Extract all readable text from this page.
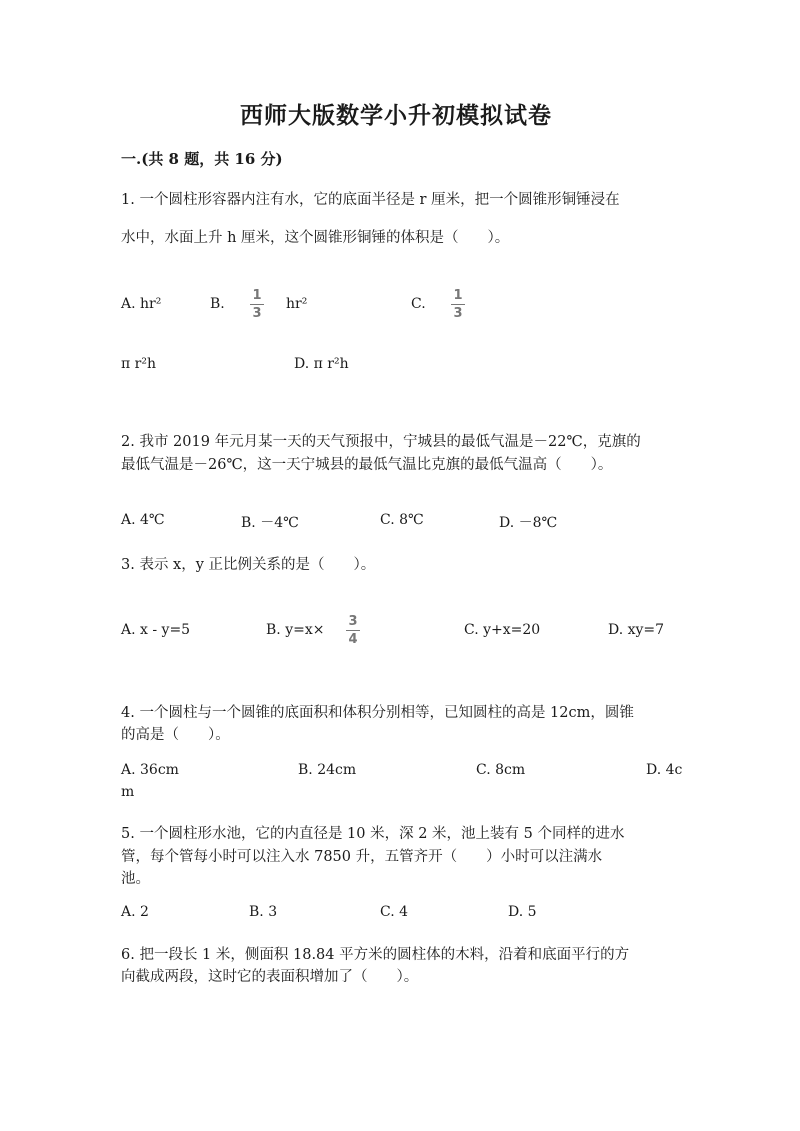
西师大版数学小升初模拟试卷
一.(共 8 题，共 16 分)
1. 一个圆柱形容器内注有水，它的底面半径是 r 厘米，把一个圆锥形铜锤浸在
水中，水面上升 h 厘米，这个圆锥形铜锤的体积是（　　）。
A. hr²	B.
1
3
hr²	C.
1
3
π r²h	D. π r²h
2. 我市 2019 年元月某一天的天气预报中，宁城县的最低气温是－22℃，克旗的
最低气温是－26℃，这一天宁城县的最低气温比克旗的最低气温高（　　）。
A. 4℃	B. －4℃	C. 8℃	D. －8℃
3. 表示 x，y 正比例关系的是（　　）。
A. x - y=5	B. y=x×
3
4
C. y+x=20	D. xy=7
4. 一个圆柱与一个圆锥的底面积和体积分别相等，已知圆柱的高是 12cm，圆锥
的高是（　　）。
A. 36cm	B. 24cm	C. 8cm	D. 4c
m
5. 一个圆柱形水池，它的内直径是 10 米，深 2 米，池上装有 5 个同样的进水
管，每个管每小时可以注入水 7850 升，五管齐开（　　）小时可以注满水
池。
A. 2	B. 3	C. 4	D. 5
6. 把一段长 1 米，侧面积 18.84 平方米的圆柱体的木料，沿着和底面平行的方
向截成两段，这时它的表面积增加了（　　）。
